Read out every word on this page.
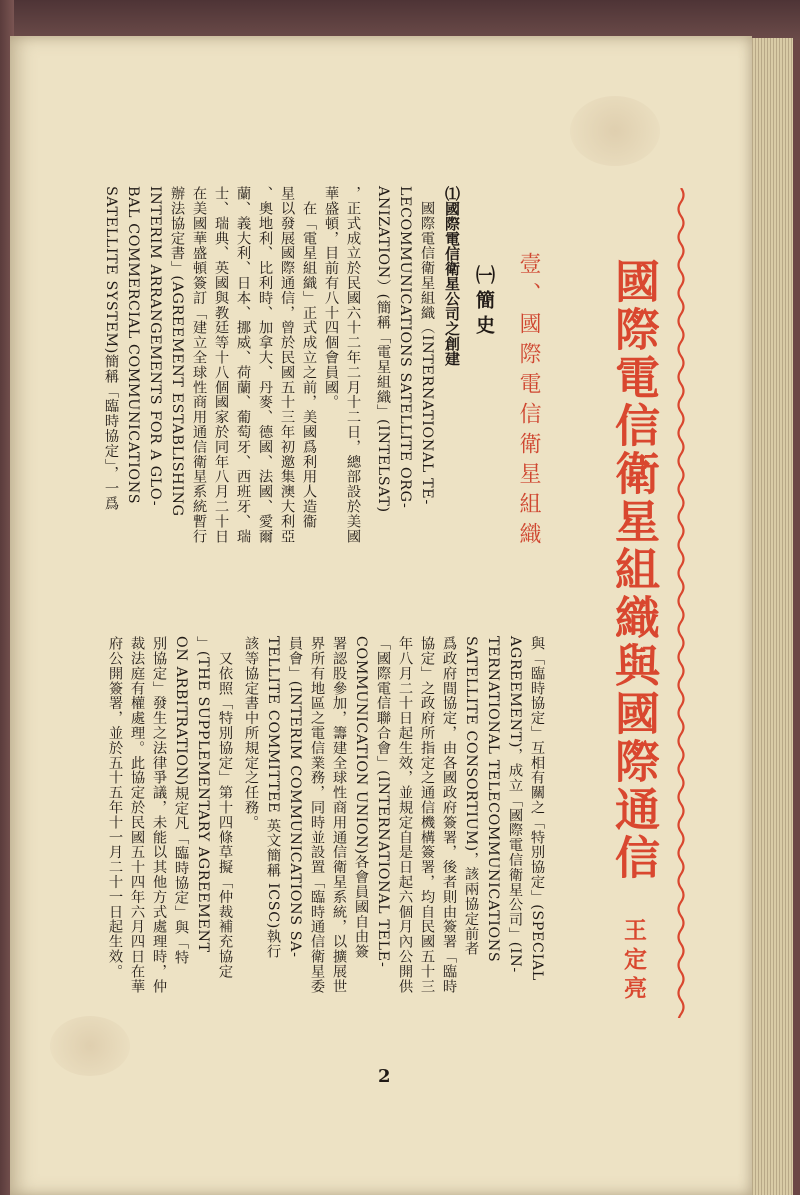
國際電信衛星組織與國際通信
壹、國際電信衛星組織
王定亮
㈠簡史
⑴國際電信衛星公司之創建
　國際電信衛星組織（INTERNATIONAL TE-
LECOMMUNICATIONS SATELLITE ORG-
ANIZATION）(簡稱「電星組織」(INTELSAT)
，正式成立於民國六十二年二月十二日，總部設於美國
華盛頓，目前有八十四個會員國。
　在「電星組織」正式成立之前，美國爲利用人造衞
星以發展國際通信，曾於民國五十三年初邀集澳大利亞
、奧地利、比利時、加拿大、丹麥、德國、法國、愛爾
蘭、義大利、日本、挪威、荷蘭、葡萄牙、西班牙、瑞
士、瑞典、英國與教廷等十八個國家於同年八月二十日
在美國華盛頓簽訂「建立全球性商用通信衛星系統暫行
辦法協定書」(AGREEMENT ESTABLISHING
INTERIM ARRANGEMENTS FOR A GLO-
BAL COMMERCIAL COMMUNICATIONS
SATELLITE SYSTEM)簡稱「臨時協定」，一爲
與「臨時協定」互相有關之「特別協定」(SPECIAL
AGREEMENT)，成立「國際電信衛星公司」(IN-
TERNATIONAL TELECOMMUNICATIONS
SATELLITE CONSORTIUM)，該兩協定前者
爲政府間協定，由各國政府簽署，後者則由簽署「臨時
協定」之政府所指定之通信機構簽署，均自民國五十三
年八月二十日起生效，並規定自是日起六個月內公開供
「國際電信聯合會」(INTERNATIONAL TELE-
COMMUNICATION UNION)各會員國自由簽
署認股參加，籌建全球性商用通信衛星系統，以擴展世
界所有地區之電信業務，同時並設置「臨時通信衛星委
員會」(INTERIM COMMUNICATIONS SA-
TELLITE COMMITTEE 英文簡稱 ICSC)執行
該等協定書中所規定之任務。
　又依照「特別協定」第十四條草擬「仲裁補充協定
」(THE SUPPLEMENTARY AGREEMENT
ON ARBITRATION)規定凡「臨時協定」與「特
別協定」發生之法律爭議，未能以其他方式處理時，仲
裁法庭有權處理。此協定於民國五十四年六月四日在華
府公開簽署，並於五十五年十一月二十一日起生效。
2
